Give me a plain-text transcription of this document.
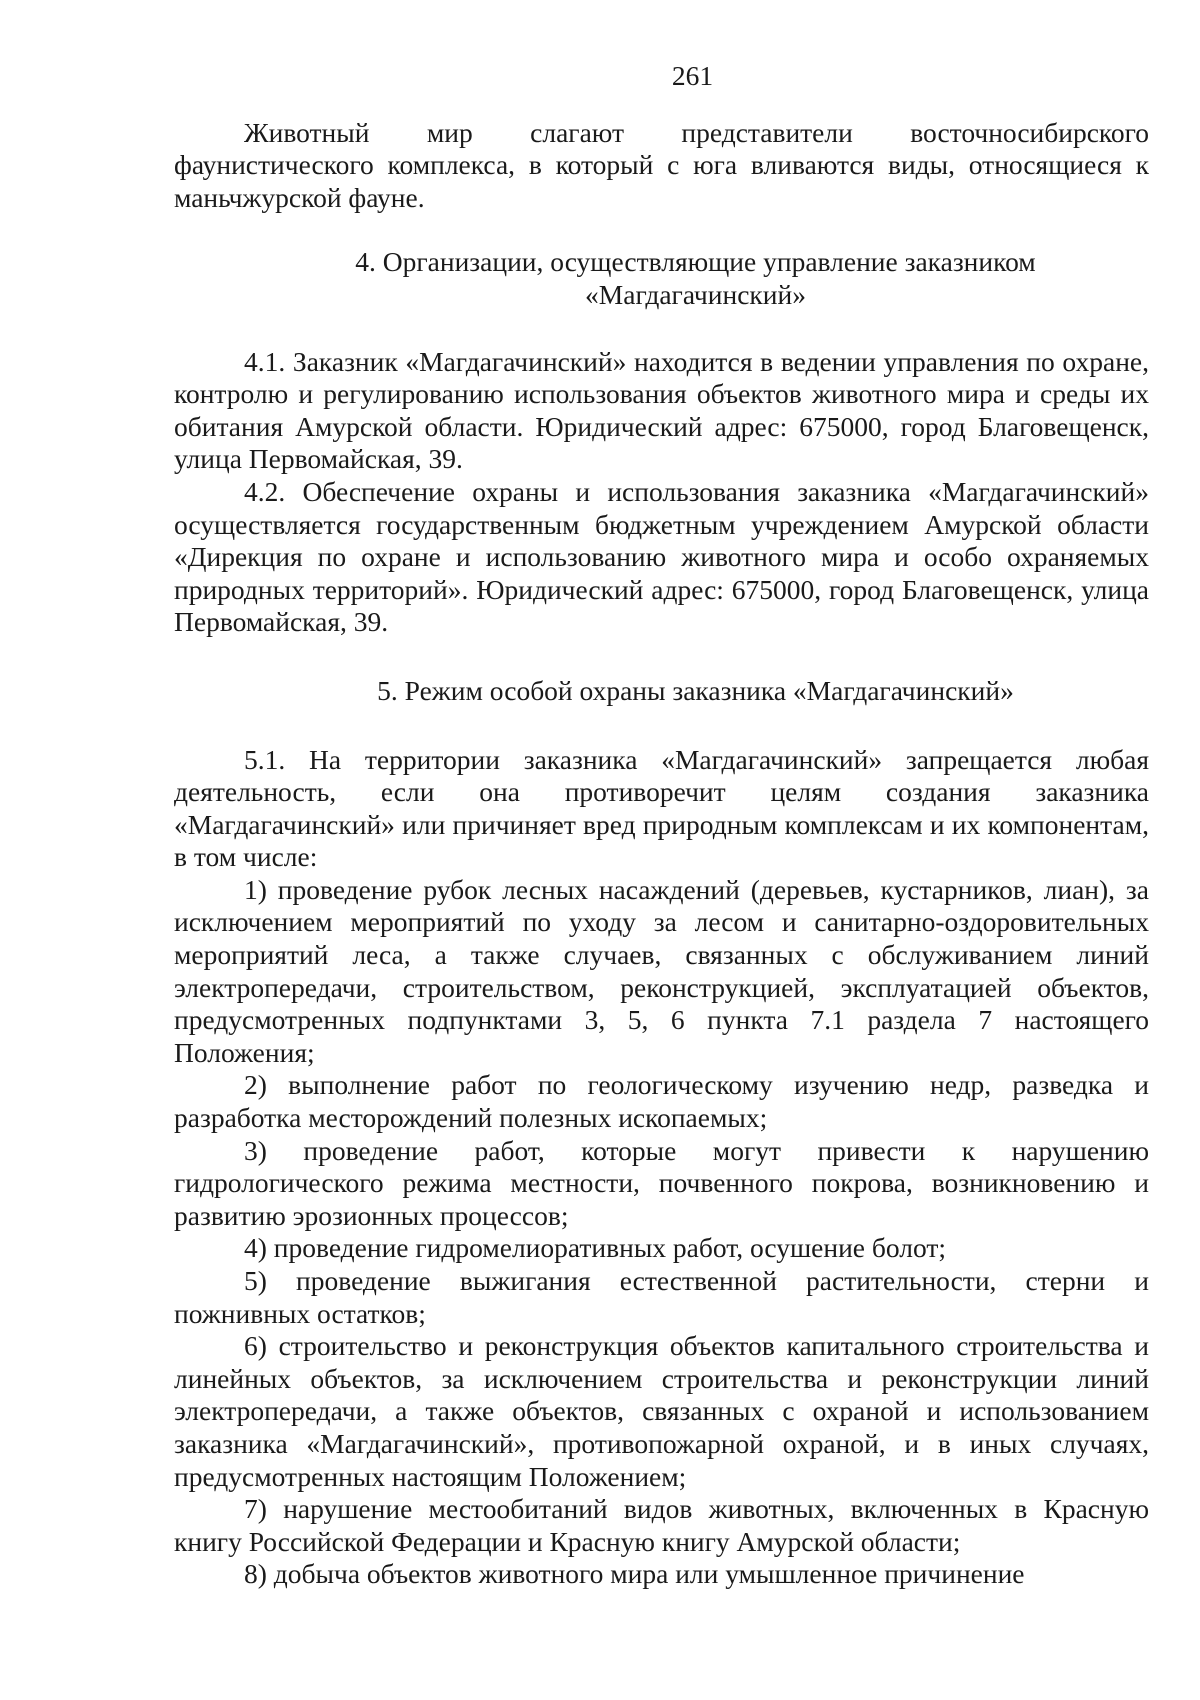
261

Животный мир слагают представители восточносибирского фаунистического комплекса, в который с юга вливаются виды, относящиеся к маньчжурской фауне.

4. Организации, осуществляющие управление заказником
«Магдагачинский»

4.1. Заказник «Магдагачинский» находится в ведении управления по охране, контролю и регулированию использования объектов животного мира и среды их обитания Амурской области. Юридический адрес: 675000, город Благовещенск, улица Первомайская, 39.

4.2. Обеспечение охраны и использования заказника «Магдагачинский» осуществляется государственным бюджетным учреждением Амурской области «Дирекция по охране и использованию животного мира и особо охраняемых природных территорий». Юридический адрес: 675000, город Благовещенск, улица Первомайская, 39.

5. Режим особой охраны заказника «Магдагачинский»

5.1. На территории заказника «Магдагачинский» запрещается любая деятельность, если она противоречит целям создания заказника «Магдагачинский» или причиняет вред природным комплексам и их компонентам, в том числе:

1) проведение рубок лесных насаждений (деревьев, кустарников, лиан), за исключением мероприятий по уходу за лесом и санитарно-оздоровительных мероприятий леса, а также случаев, связанных с обслуживанием линий электропередачи, строительством, реконструкцией, эксплуатацией объектов, предусмотренных подпунктами 3, 5, 6 пункта 7.1 раздела 7 настоящего Положения;

2) выполнение работ по геологическому изучению недр, разведка и разработка месторождений полезных ископаемых;

3) проведение работ, которые могут привести к нарушению гидрологического режима местности, почвенного покрова, возникновению и развитию эрозионных процессов;

4) проведение гидромелиоративных работ, осушение болот;

5) проведение выжигания естественной растительности, стерни и пожнивных остатков;

6) строительство и реконструкция объектов капитального строительства и линейных объектов, за исключением строительства и реконструкции линий электропередачи, а также объектов, связанных с охраной и использованием заказника «Магдагачинский», противопожарной охраной, и в иных случаях, предусмотренных настоящим Положением;

7) нарушение местообитаний видов животных, включенных в Красную книгу Российской Федерации и Красную книгу Амурской области;

8) добыча объектов животного мира или умышленное причинение
